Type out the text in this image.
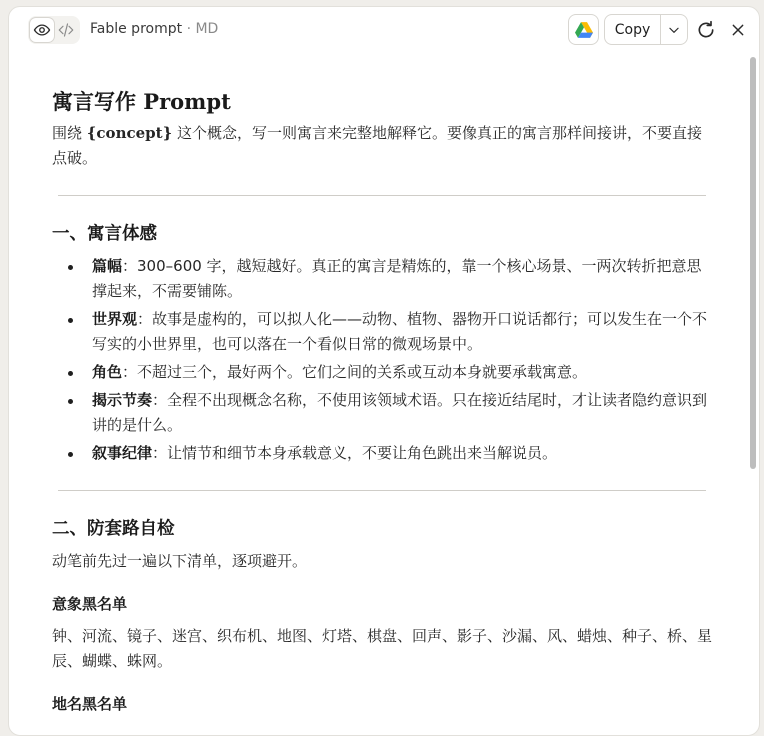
Fable prompt · MD	Copy
寓言写作 Prompt

围绕 {concept} 这个概念，写一则寓言来完整地解释它。要像真正的寓言那样间接讲，不要直接点破。

一、寓言体感
篇幅：300–600 字，越短越好。真正的寓言是精炼的，靠一个核心场景、一两次转折把意思撑起来，不需要铺陈。
世界观：故事是虚构的，可以拟人化——动物、植物、器物开口说话都行；可以发生在一个不写实的小世界里，也可以落在一个看似日常的微观场景中。
角色：不超过三个，最好两个。它们之间的关系或互动本身就要承载寓意。
揭示节奏：全程不出现概念名称，不使用该领域术语。只在接近结尾时，才让读者隐约意识到讲的是什么。
叙事纪律：让情节和细节本身承载意义，不要让角色跳出来当解说员。
二、防套路自检

动笔前先过一遍以下清单，逐项避开。

意象黑名单

钟、河流、镜子、迷宫、织布机、地图、灯塔、棋盘、回声、影子、沙漏、风、蜡烛、种子、桥、星辰、蝴蝶、蛛网。

地名黑名单
